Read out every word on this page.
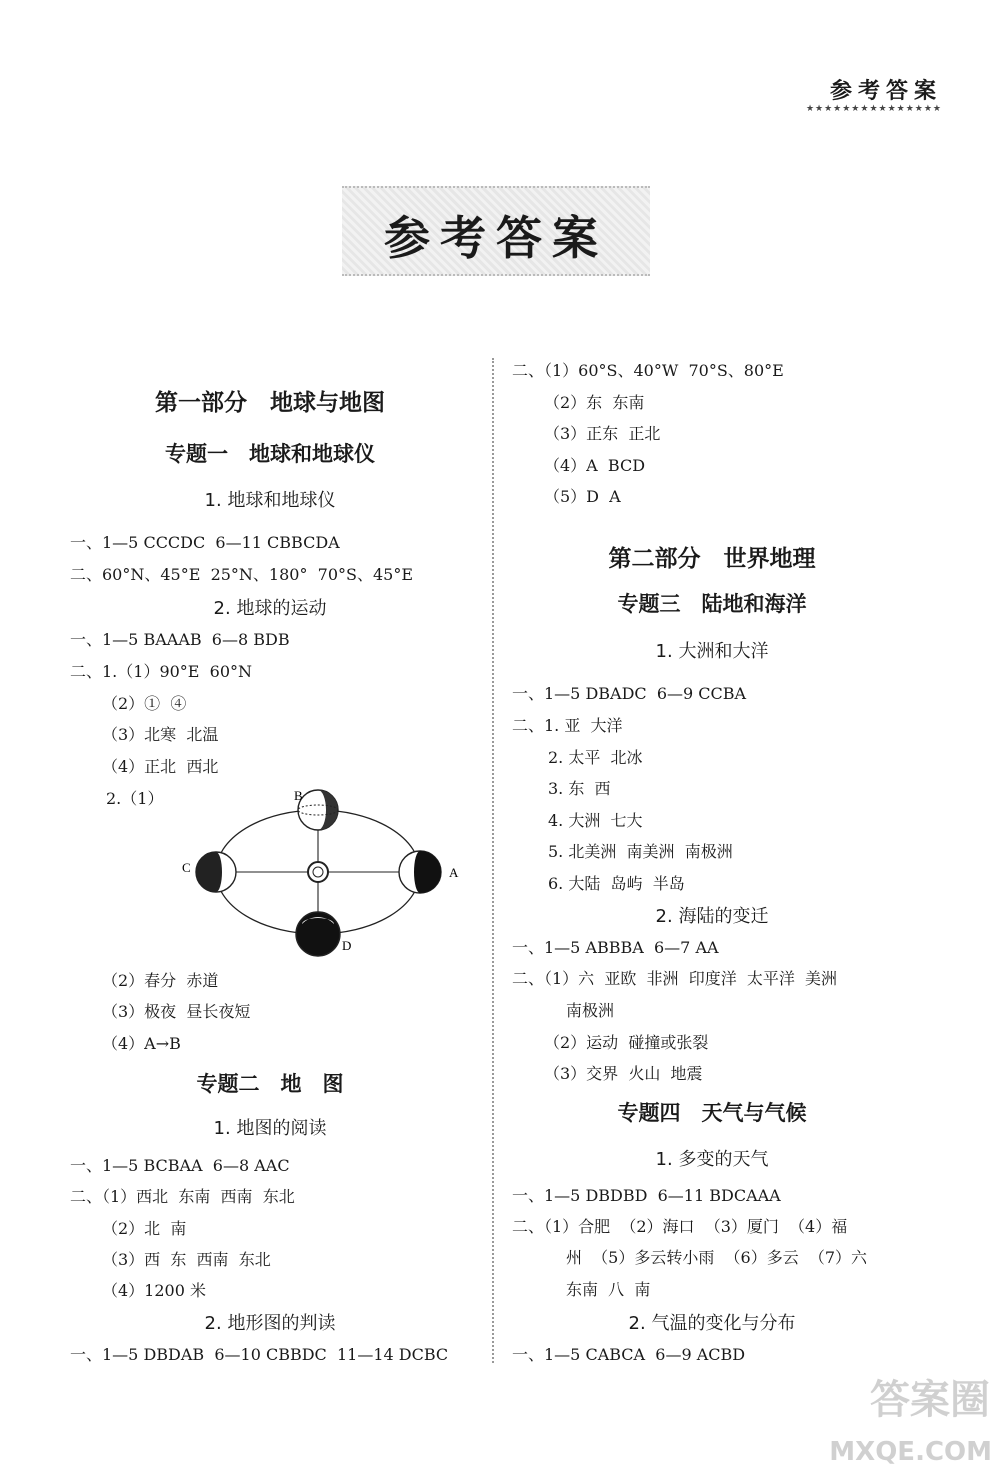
参考答案
★★★★★★★★★★★★★★★
参考答案
第一部分　地球与地图
专题一　地球和地球仪
1. 地球和地球仪
一、1—5 CCCDC  6—11 CBBCDA
二、60°N、45°E  25°N、180°  70°S、45°E
2. 地球的运动
一、1—5 BAAAB  6—8 BDB
二、1.（1）90°E  60°N
（2）①  ④
（3）北寒  北温
（4）正北  西北
2.（1）
（2）春分  赤道
（3）极夜  昼长夜短
（4）A→B
专题二　地　图
1. 地图的阅读
一、1—5 BCBAA  6—8 AAC
二、（1）西北  东南  西南  东北
（2）北  南
（3）西  东  西南  东北
（4）1200 米
2. 地形图的判读
一、1—5 DBDAB  6—10 CBBDC  11—14 DCBC
B
C	A
D
二、（1）60°S、40°W  70°S、80°E
（2）东  东南
（3）正东  正北
（4）A  BCD
（5）D  A
第二部分　世界地理
专题三　陆地和海洋
1. 大洲和大洋
一、1—5 DBADC  6—9 CCBA
二、1. 亚  大洋
2. 太平  北冰
3. 东  西
4. 大洲  七大
5. 北美洲  南美洲  南极洲
6. 大陆  岛屿  半岛
2. 海陆的变迁
一、1—5 ABBBA  6—7 AA
二、（1）六  亚欧  非洲  印度洋  太平洋  美洲
南极洲
（2）运动  碰撞或张裂
（3）交界  火山  地震
专题四　天气与气候
1. 多变的天气
一、1—5 DBDBD  6—11 BDCAAA
二、（1）合肥  （2）海口  （3）厦门  （4）福
州  （5）多云转小雨  （6）多云  （7）六
东南  八  南
2. 气温的变化与分布
一、1—5 CABCA  6—9 ACBD
答案圈
MXQE.COM
